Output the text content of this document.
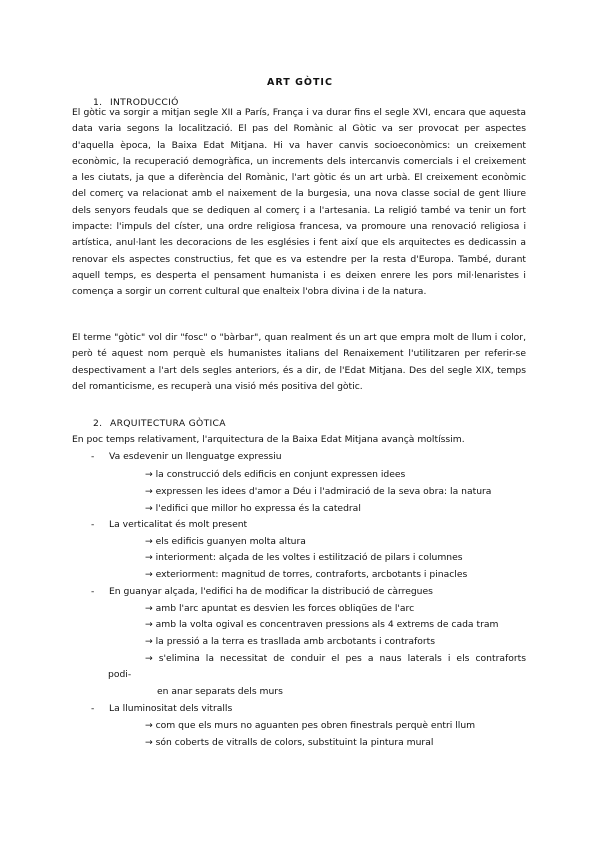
ART GÒTIC
1. INTRODUCCIÓ

El gòtic va sorgir a mitjan segle XII a París, França i va durar fins el segle XVI, encara que aquesta data varia segons la localització. El pas del Romànic al Gòtic va ser provocat per aspectes d'aquella època, la Baixa Edat Mitjana. Hi va haver canvis socioeconòmics: un creixement econòmic, la recuperació demogràfica, un increments dels intercanvis comercials i el creixement a les ciutats, ja que a diferència del Romànic, l'art gòtic és un art urbà. El creixement econòmic del comerç va relacionat amb el naixement de la burgesia, una nova classe social de gent lliure dels senyors feudals que se dediquen al comerç i a l'artesania. La religió també va tenir un fort impacte: l'impuls del císter, una ordre religiosa francesa, va promoure una renovació religiosa i artística, anul·lant les decoracions de les esglésies i fent així que els arquitectes es dedicassin a renovar els aspectes constructius, fet que es va estendre per la resta d'Europa. També, durant aquell temps, es desperta el pensament humanista i es deixen enrere les pors mil·lenaristes i comença a sorgir un corrent cultural que enalteix l'obra divina i de la natura.

El terme "gòtic" vol dir "fosc" o "bàrbar", quan realment és un art que empra molt de llum i color, però té aquest nom perquè els humanistes italians del Renaixement l'utilitzaren per referir-se despectivament a l'art dels segles anteriors, és a dir, de l'Edat Mitjana. Des del segle XIX, temps del romanticisme, es recuperà una visió més positiva del gòtic.

2. ARQUITECTURA GÒTICA
En poc temps relativament, l'arquitectura de la Baixa Edat Mitjana avançà moltíssim.
- Va esdevenir un llenguatge expressiu
→ la construcció dels edificis en conjunt expressen idees
→ expressen les idees d'amor a Déu i l'admiració de la seva obra: la natura
→ l'edifici que millor ho expressa és la catedral
- La verticalitat és molt present
→ els edificis guanyen molta altura
→ interiorment: alçada de les voltes i estilització de pilars i columnes
→ exteriorment: magnitud de torres, contraforts, arcbotants i pinacles
- En guanyar alçada, l'edifici ha de modificar la distribució de càrregues
→ amb l'arc apuntat es desvien les forces obliqües de l'arc
→ amb la volta ogival es concentraven pressions als 4 extrems de cada tram
→ la pressió a la terra es trasllada amb arcbotants i contraforts
→ s'elimina la necessitat de conduir el pes a naus laterals i els contraforts
podi-
en anar separats dels murs
- La lluminositat dels vitralls
→ com que els murs no aguanten pes obren finestrals perquè entri llum
→ són coberts de vitralls de colors, substituint la pintura mural
